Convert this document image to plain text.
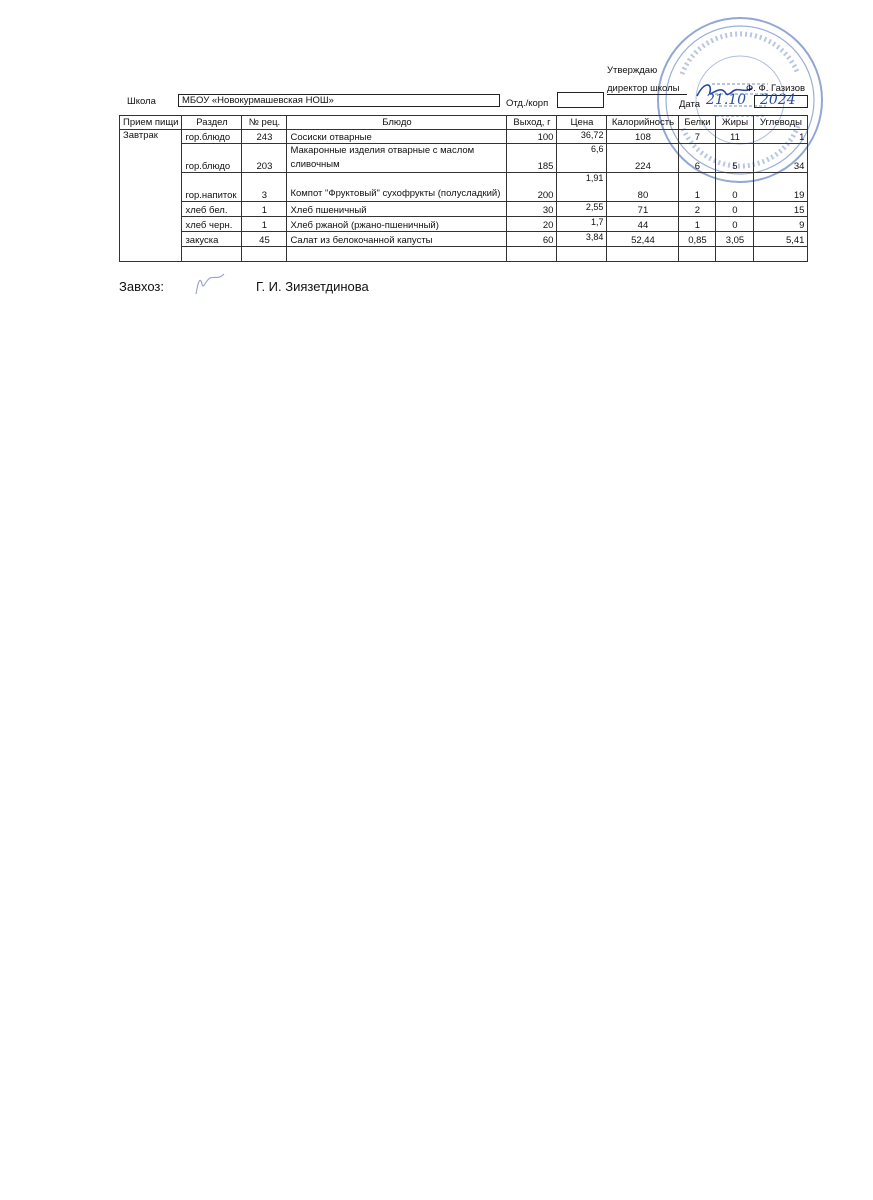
Утверждаю
директор школы	Ф. Ф. Газизов
Дата 21.10 2024
Школа	МБОУ «Новокурмашевская НОШ»	Отд./корп
Прием пищи	Раздел	№ рец.	Блюдо	Выход, г	Цена	Калорийность	Белки	Жиры	Углеводы
Завтрак	гор.блюдо	243	Сосиски отварные	100	36,72	108	7	11	1
	гор.блюдо	203	Макаронные изделия отварные с маслом сливочным	185	6,6	224	6	5	34
	гор.напиток	3	Компот "Фруктовый" сухофрукты (полусладкий)	200	1,91	80	1	0	19
	хлеб бел.	1	Хлеб пшеничный	30	2,55	71	2	0	15
	хлеб черн.	1	Хлеб ржаной (ржано-пшеничный)	20	1,7	44	1	0	9
	закуска	45	Салат из белокочанной капусты	60	3,84	52,44	0,85	3,05	5,41

Завхоз:	Г. И. Зиязетдинова
